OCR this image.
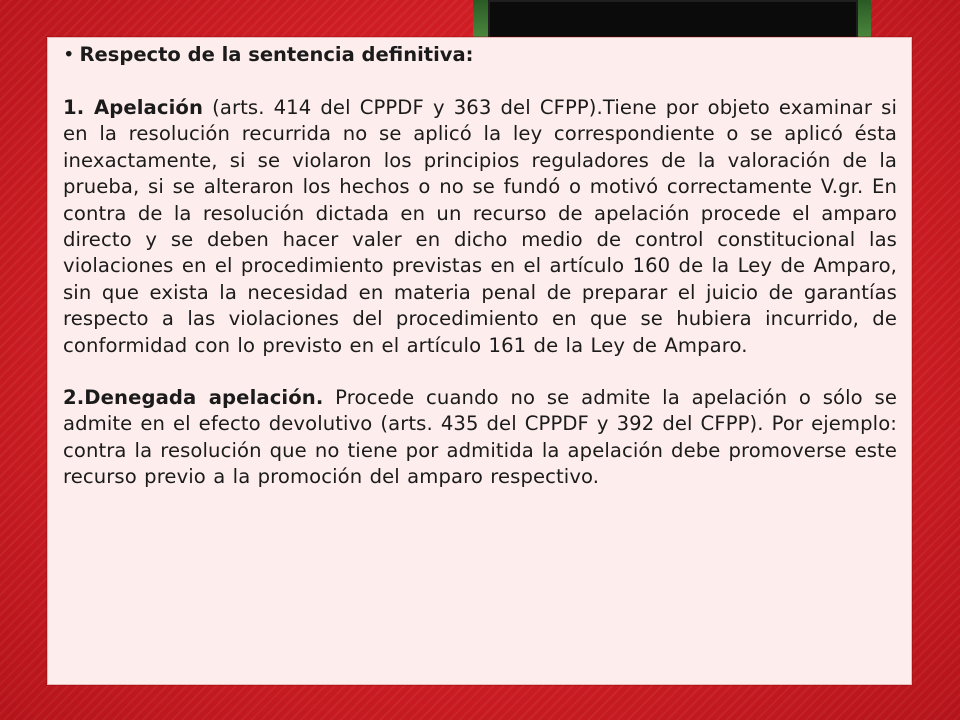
• Respecto de la sentencia definitiva:

1. Apelación (arts. 414 del CPPDF y 363 del CFPP).Tiene por objeto examinar si en la resolución recurrida no se aplicó la ley correspondiente o se aplicó ésta inexactamente, si se violaron los principios reguladores de la valoración de la prueba, si se alteraron los hechos o no se fundó o motivó correctamente V.gr. En contra de la resolución dictada en un recurso de apelación procede el amparo directo y se deben hacer valer en dicho medio de control constitucional las violaciones en el procedimiento previstas en el artículo 160 de la Ley de Amparo, sin que exista la necesidad en materia penal de preparar el juicio de garantías respecto a las violaciones del procedimiento en que se hubiera incurrido, de conformidad con lo previsto en el artículo 161 de la Ley de Amparo.

2.Denegada apelación. Procede cuando no se admite la apelación o sólo se admite en el efecto devolutivo (arts. 435 del CPPDF y 392 del CFPP). Por ejemplo: contra la resolución que no tiene por admitida la apelación debe promoverse este recurso previo a la promoción del amparo respectivo.
